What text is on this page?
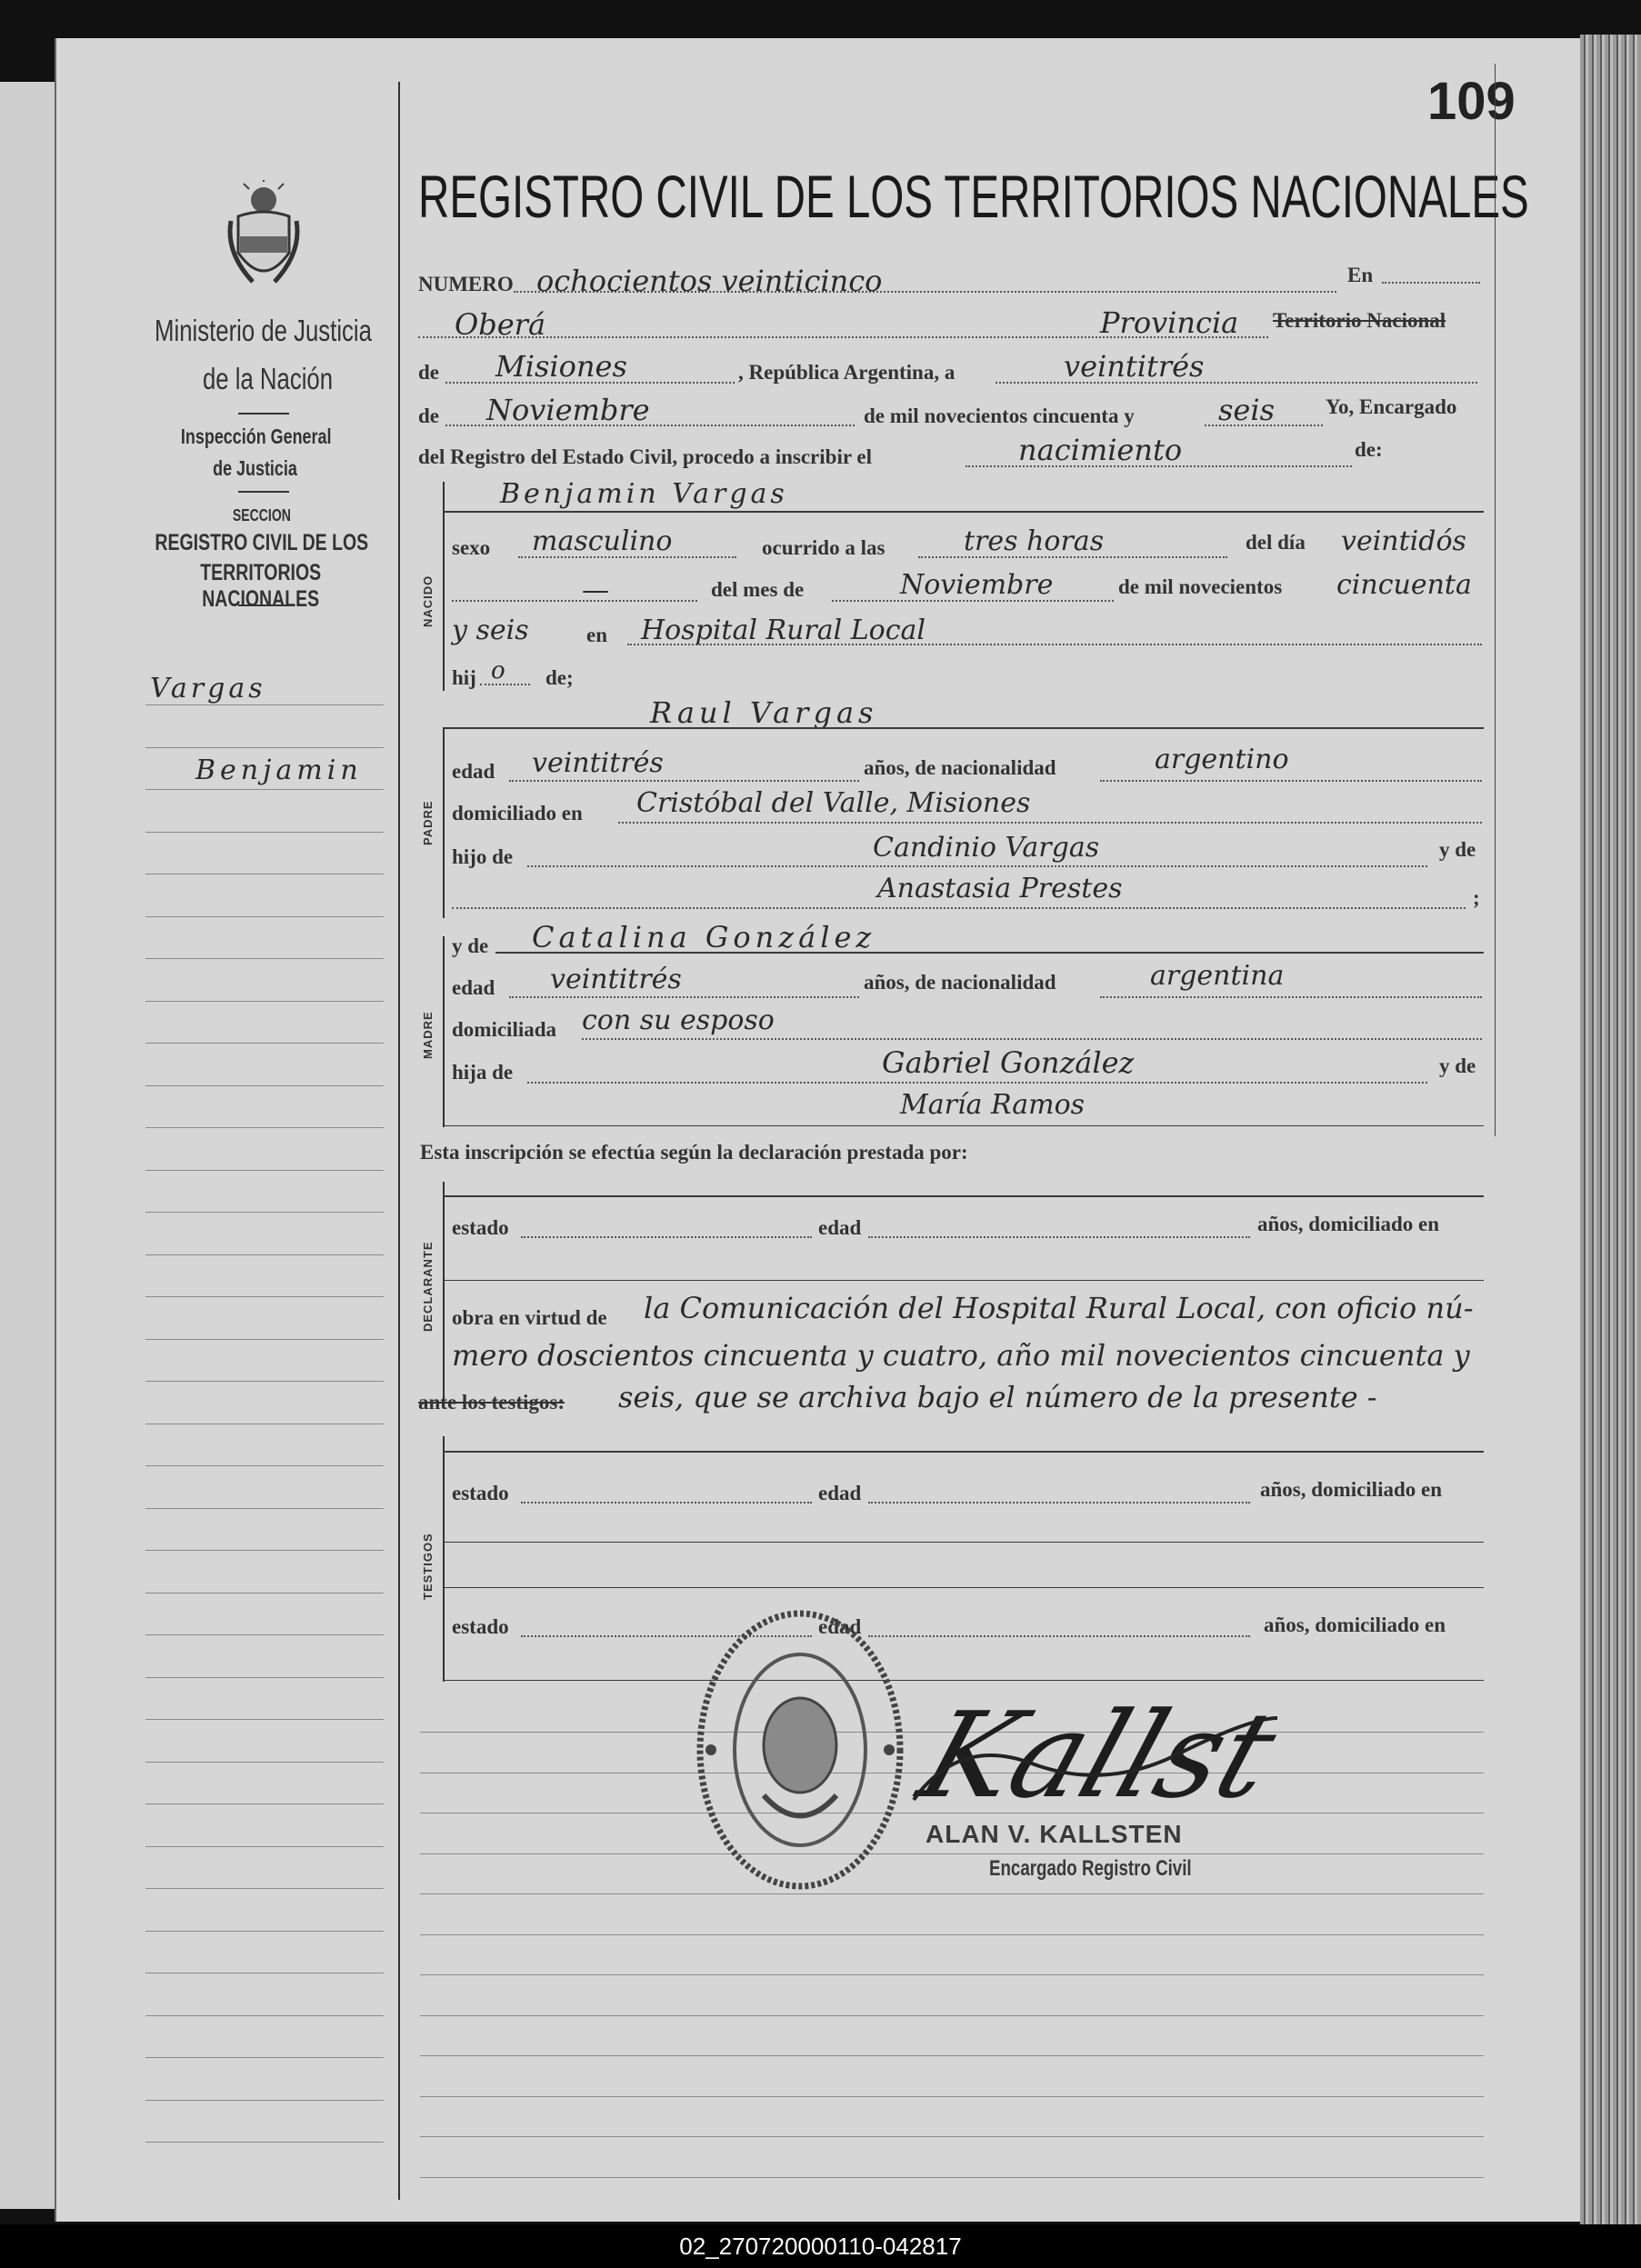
109
Ministerio de Justicia
de la Nación
Inspección General
de Justicia
SECCION
REGISTRO CIVIL DE LOS
TERRITORIOS NACIONALES
Vargas
Benjamin
REGISTRO CIVIL DE LOS TERRITORIOS NACIONALES
NUMERO ochocientos veinticinco	En
Oberá	Provincia Territorio Nacional
de Misiones	, República Argentina, a	veintitrés
de Noviembre	de mil novecientos cincuenta y	seis Yo, Encargado
del Registro del Estado Civil, procedo a inscribir el	nacimiento	de:
NACIDO
Benjamin Vargas
sexo masculino	ocurrido a las	tres horas	del día veintidós
—	del mes de	Noviembre	de mil novecientos cincuenta
y seis	en Hospital Rural Local
hij o de;
PADRE
Raul Vargas
edad veintitrés	años, de nacionalidad	argentino
domiciliado en Cristóbal del Valle, Misiones
hijo de	Candinio Vargas	y de
Anastasia Prestes	;
MADRE
y de Catalina González
edad veintitrés	años, de nacionalidad	argentina
domiciliada con su esposo
hija de	Gabriel González	y de
María Ramos
Esta inscripción se efectúa según la declaración prestada por:
DECLARANTE
estado	edad	años, domiciliado en
obra en virtud de la Comunicación del Hospital Rural Local, con oficio nú-
mero doscientos cincuenta y cuatro, año mil novecientos cincuenta y
ante los testigos: seis, que se archiva bajo el número de la presente -
TESTIGOS
estado	edad	años, domiciliado en
estado	edad	años, domiciliado en
Kallst
ALAN V. KALLSTEN
Encargado Registro Civil
02_270720000110-042817
